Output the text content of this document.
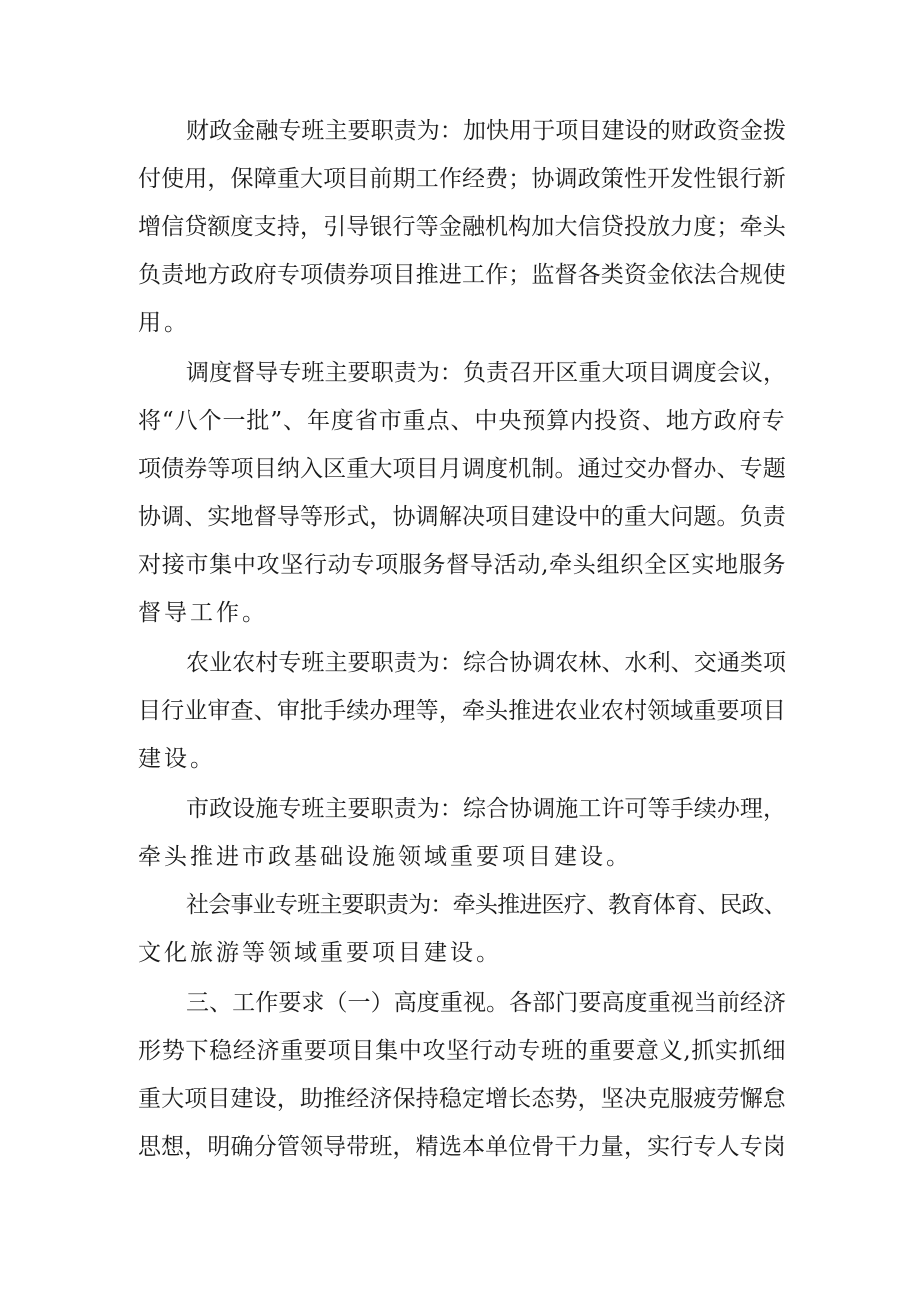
财政金融专班主要职责为：加快用于项目建设的财政资金拨
付使用，保障重大项目前期工作经费；协调政策性开发性银行新
增信贷额度支持，引导银行等金融机构加大信贷投放力度；牵头
负责地方政府专项债券项目推进工作；监督各类资金依法合规使
用。
调度督导专班主要职责为：负责召开区重大项目调度会议，
将“八个一批”、年度省市重点、中央预算内投资、地方政府专
项债券等项目纳入区重大项目月调度机制。通过交办督办、专题
协调、实地督导等形式，协调解决项目建设中的重大问题。负责
对接市集中攻坚行动专项服务督导活动,牵头组织全区实地服务
督导工作。
农业农村专班主要职责为：综合协调农林、水利、交通类项
目行业审查、审批手续办理等，牵头推进农业农村领域重要项目
建设。
市政设施专班主要职责为：综合协调施工许可等手续办理，
牵头推进市政基础设施领域重要项目建设。
社会事业专班主要职责为：牵头推进医疗、教育体育、民政、
文化旅游等领域重要项目建设。
三、工作要求（一）高度重视。各部门要高度重视当前经济
形势下稳经济重要项目集中攻坚行动专班的重要意义,抓实抓细
重大项目建设，助推经济保持稳定增长态势，坚决克服疲劳懈怠
思想，明确分管领导带班，精选本单位骨干力量，实行专人专岗
